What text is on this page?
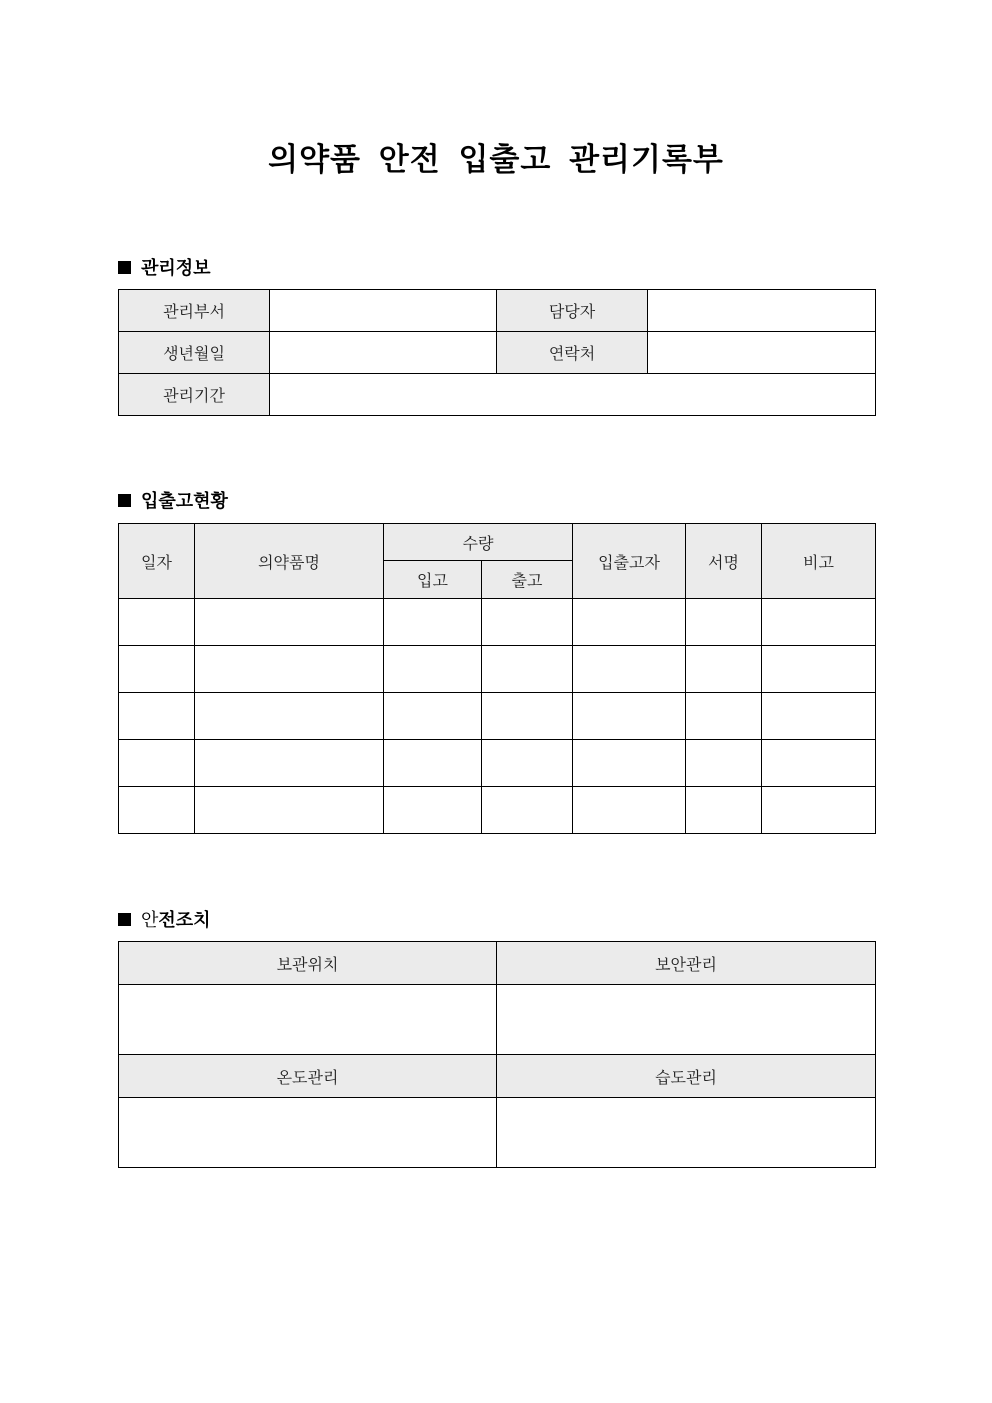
의약품 안전 입출고 관리기록부
관리정보
관리부서		담당자	
생년월일		연락처	
관리기간			
입출고현황
일자	의약품명	수량		입출고자	서명	비고
		입고	출고			

안전조치
보관위치	보안관리

온도관리	습도관리
